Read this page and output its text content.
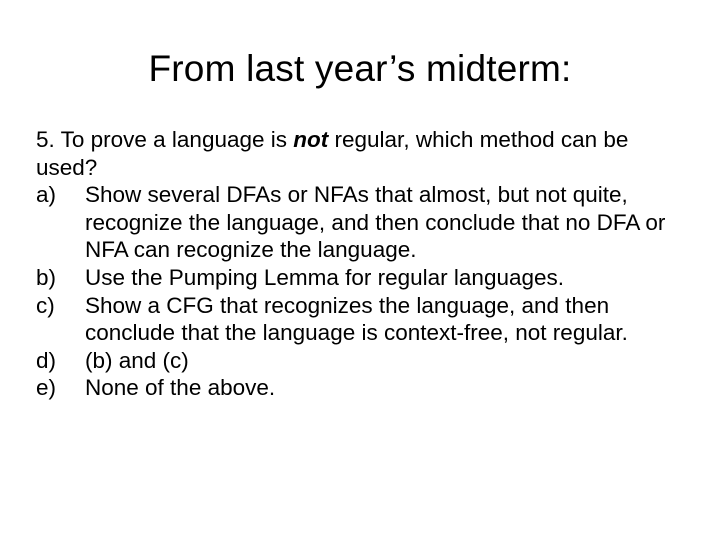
From last year’s midterm:

5. To prove a language is not regular, which method can be used?

a)	Show several DFAs or NFAs that almost, but not quite, recognize the language, and then conclude that no DFA or NFA can recognize the language.
b)	Use the Pumping Lemma for regular languages.
c)	Show a CFG that recognizes the language, and then conclude that the language is context-free, not regular.
d)	(b) and (c)
e)	None of the above.
